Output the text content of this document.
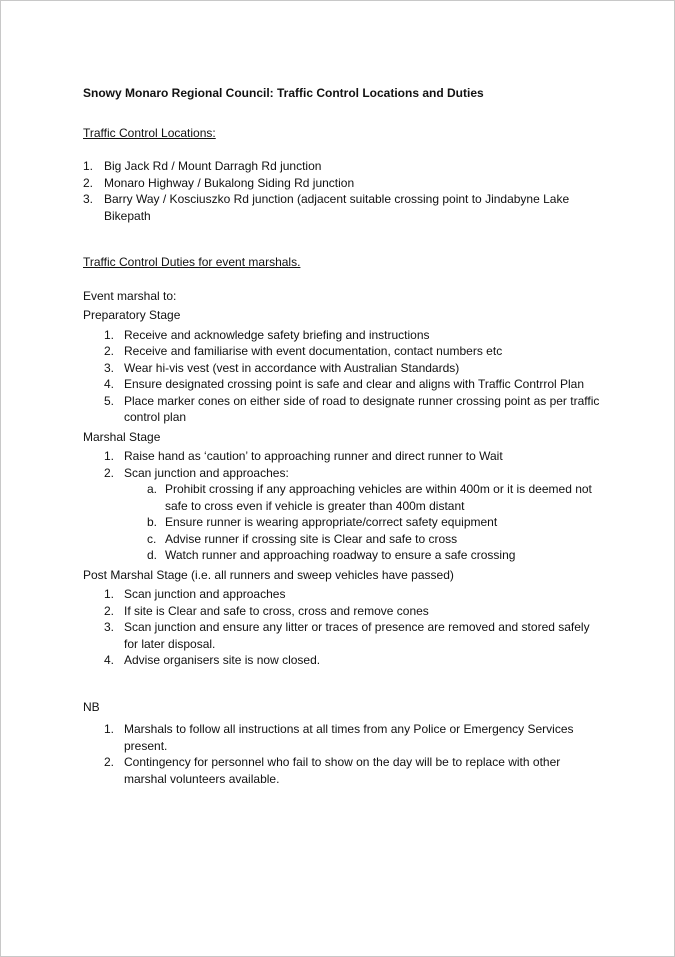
Snowy Monaro Regional Council: Traffic Control Locations and Duties

Traffic Control Locations:

1. Big Jack Rd / Mount Darragh Rd junction
2. Monaro Highway / Bukalong Siding Rd junction
3. Barry Way / Kosciuszko Rd junction (adjacent suitable crossing point to Jindabyne Lake Bikepath

Traffic Control Duties for event marshals.

Event marshal to:

Preparatory Stage

1. Receive and acknowledge safety briefing and instructions
2. Receive and familiarise with event documentation, contact numbers etc
3. Wear hi-vis vest (vest in accordance with Australian Standards)
4. Ensure designated crossing point is safe and clear and aligns with Traffic Contrrol Plan
5. Place marker cones on either side of road to designate runner crossing point as per traffic control plan

Marshal Stage

1. Raise hand as ‘caution’ to approaching runner and direct runner to Wait
2. Scan junction and approaches:
a. Prohibit crossing if any approaching vehicles are within 400m or it is deemed not safe to cross even if vehicle is greater than 400m distant
b. Ensure runner is wearing appropriate/correct safety equipment
c. Advise runner if crossing site is Clear and safe to cross
d. Watch runner and approaching roadway to ensure a safe crossing

Post Marshal Stage (i.e. all runners and sweep vehicles have passed)

1. Scan junction and approaches
2. If site is Clear and safe to cross, cross and remove cones
3. Scan junction and ensure any litter or traces of presence are removed and stored safely for later disposal.
4. Advise organisers site is now closed.

NB

1. Marshals to follow all instructions at all times from any Police or Emergency Services present.
2. Contingency for personnel who fail to show on the day will be to replace with other marshal volunteers available.
